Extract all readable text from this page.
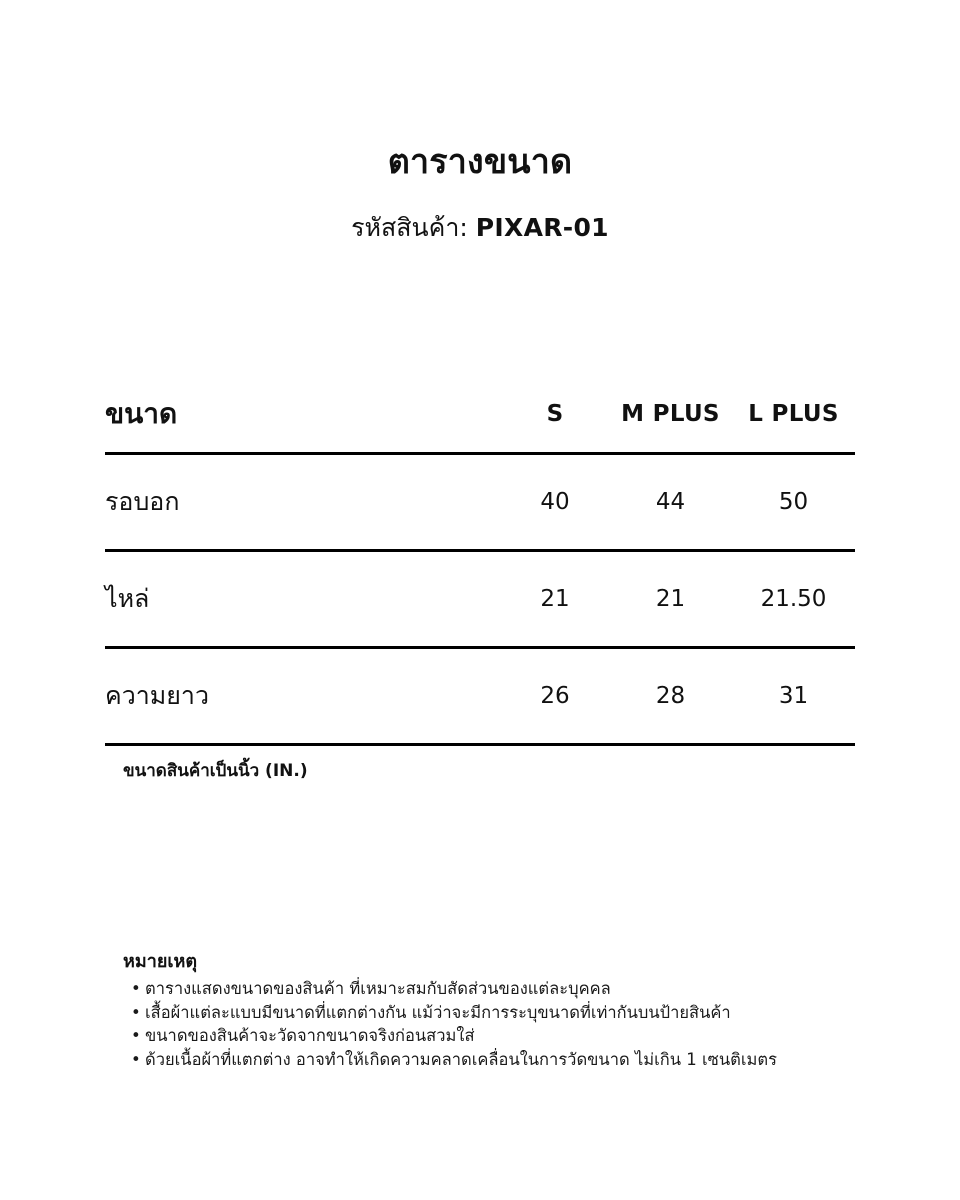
ตารางขนาด
รหัสสินค้า: PIXAR-01
ขนาด	S	M PLUS	L PLUS
รอบอก	40	44	50
ไหล่	21	21	21.50
ความยาว	26	28	31
ขนาดสินค้าเป็นนิ้ว (IN.)
หมายเหตุ
• ตารางแสดงขนาดของสินค้า ที่เหมาะสมกับสัดส่วนของแต่ละบุคคล
• เสื้อผ้าแต่ละแบบมีขนาดที่แตกต่างกัน แม้ว่าจะมีการระบุขนาดที่เท่ากันบนป้ายสินค้า
• ขนาดของสินค้าจะวัดจากขนาดจริงก่อนสวมใส่
• ด้วยเนื้อผ้าที่แตกต่าง อาจทำให้เกิดความคลาดเคลื่อนในการวัดขนาด ไม่เกิน 1 เซนติเมตร
